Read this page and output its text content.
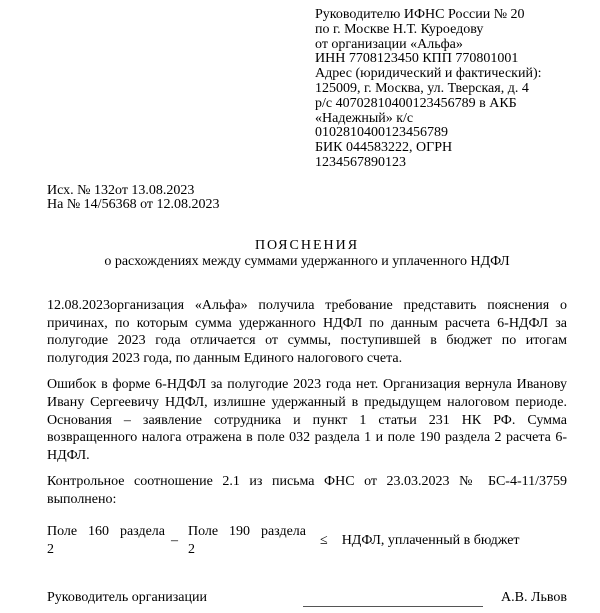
Руководителю ИФНС России № 20
по г. Москве Н.Т. Куроедову
от организации «Альфа»
ИНН 7708123450 КПП 770801001
Адрес (юридический и фактический):
125009, г. Москва, ул. Тверская, д. 4
р/с 40702810400123456789 в АКБ
«Надежный» к/с
0102810400123456789
БИК 044583222, ОГРН
1234567890123
Исх. № 132от 13.08.2023
На № 14/56368 от 12.08.2023
ПОЯСНЕНИЯ
о расхождениях между суммами удержанного и уплаченного НДФЛ

12.08.2023организация «Альфа» получила требование представить пояснения о причинах, по которым сумма удержанного НДФЛ по данным расчета 6-НДФЛ за полугодие 2023 года отличается от суммы, поступившей в бюджет по итогам полугодия 2023 года, по данным Единого налогового счета.

Ошибок в форме 6-НДФЛ за полугодие 2023 года нет. Организация вернула Иванову Ивану Сергеевичу НДФЛ, излишне удержанный в предыдущем налоговом периоде. Основания – заявление сотрудника и пункт 1 статьи 231 НК РФ. Сумма возвращенного налога отражена в поле 032 раздела 1 и поле 190 раздела 2 расчета 6-НДФЛ.

Контрольное соотношение 2.1 из письма ФНС от 23.03.2023 № БС-4-11/3759 выполнено:

Поле 160 раздела 2
–
Поле 190 раздела 2
≤ НДФЛ, уплаченный в бюджет
Руководитель организации	А.В. Львов
